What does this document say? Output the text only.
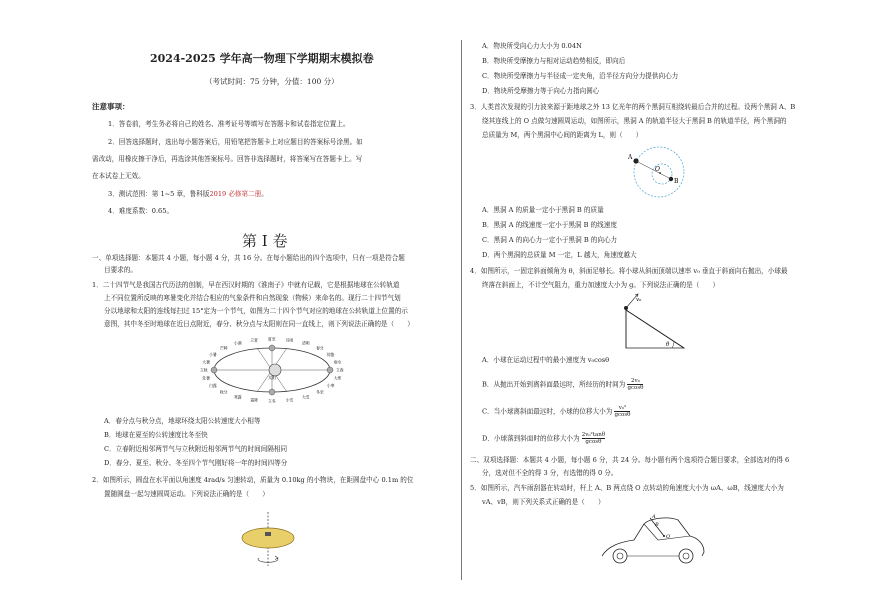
2024-2025 学年高一物理下学期期末模拟卷
（考试时间：75 分钟，分值：100 分）
注意事项：
1．答卷前，考生务必将自己的姓名、准考证号等填写在答题卡和试卷指定位置上。
2．回答选择题时，选出每小题答案后，用铅笔把答题卡上对应题目的答案标号涂黑。如
需改动，用橡皮擦干净后，再选涂其他答案标号。回答非选择题时，将答案写在答题卡上。写
在本试卷上无效。
3．测试范围：第 1~5 章，鲁科版2019 必修第二册。
4．难度系数：0.65。
第 I 卷
一、单项选择题：本题共 4 小题，每小题 4 分，共 16 分。在每小题给出的四个选项中，只有一项是符合题
目要求的。
1．二十四节气是我国古代历法的创制，早在西汉时期的《淮南子》中就有记载，它是根据地球在公转轨道
上不同位置所反映的寒暑变化并结合相应的气象条件和自然现象（物候）来命名的。现行二十四节气划
分以地球和太阳的连线每扫过 15°定为一个节气，如图为二十四个节气对应的地球在公转轨道上位置的示
意图，其中冬至时地球在近日点附近，春分、秋分点与太阳则在同一直线上，则下列说法正确的是（　　）
太阳
夏至
立夏
小满
芒种
小暑
大暑
立秋
处暑
白露
秋分
寒露
霜降	立冬	小雪
大雪
冬至
小寒
大寒
立春
雨水
惊蛰
春分
清明
谷雨
A．春分点与秋分点，地球环绕太阳公转速度大小相等
B．地球在夏至的公转速度比冬至快
C．立春附近相邻两节气与立秋附近相邻两节气的时间间隔相同
D．春分、夏至、秋分、冬至四个节气刚好将一年的时间四等分
2．如图所示，圆盘在水平面以角速度 4rad/s 匀速转动，质量为 0.10kg 的小物块，在距圆盘中心 0.1m 的位
置随圆盘一起匀速圆周运动。下列说法正确的是（　　）
A．物块所受向心力大小为 0.04N
B．物块所受摩擦力与相对运动趋势相反，即向后
C．物块所受摩擦力与半径成一定夹角，沿半径方向分力提供向心力
D．物块所受摩擦力等于向心力指向圆心
3．人类首次发现的引力波来源于距地球之外 13 亿光年的两个黑洞互相绕转最后合并的过程。设两个黑洞 A、B
绕其连线上的 O 点做匀速圆周运动，如图所示，黑洞 A 的轨道半径大于黑洞 B 的轨道半径，两个黑洞的
总质量为 M，两个黑洞中心间的距离为 L，则（　　）
A
O
B
A．黑洞 A 的质量一定小于黑洞 B 的质量
B．黑洞 A 的线速度一定小于黑洞 B 的线速度
C．黑洞 A 的向心力一定小于黑洞 B 的向心力
D．两个黑洞的总质量 M 一定，L 越大，角速度越大
4．如图所示，一固定斜面倾角为 θ，斜面足够长。将小球从斜面顶端以速率 v₀ 垂直于斜面向右抛出，小球最
终落在斜面上，不计空气阻力，重力加速度大小为 g。下列说法正确的是（　　）
v₀
θ
A．小球在运动过程中的最小速度为 v₀cosθ
B．从抛出开始到离斜面最远时，所经历的时间为 $\frac{\text{2v₀}}{gcos\theta}$
C．当小球离斜面最远时，小球的位移大小为 $\frac{\text{v₀²}}{gcos\theta}$
D．小球落到斜面时的位移大小为 $\frac{\text{2v₀²tanθ}}{gcos\theta}$
二、双项选择题：本题共 4 小题，每小题 6 分，共 24 分。每小题有两个选项符合题目要求，全部选对的得 6
分，选对但不全的得 3 分，有选错的得 0 分。
5．如图所示，汽车雨刮器在转动时，杆上 A、B 两点绕 O 点转动的角速度大小为 ωA、ωB，线速度大小为
vA、vB，则下列关系式正确的是（　　）
A
B
O
